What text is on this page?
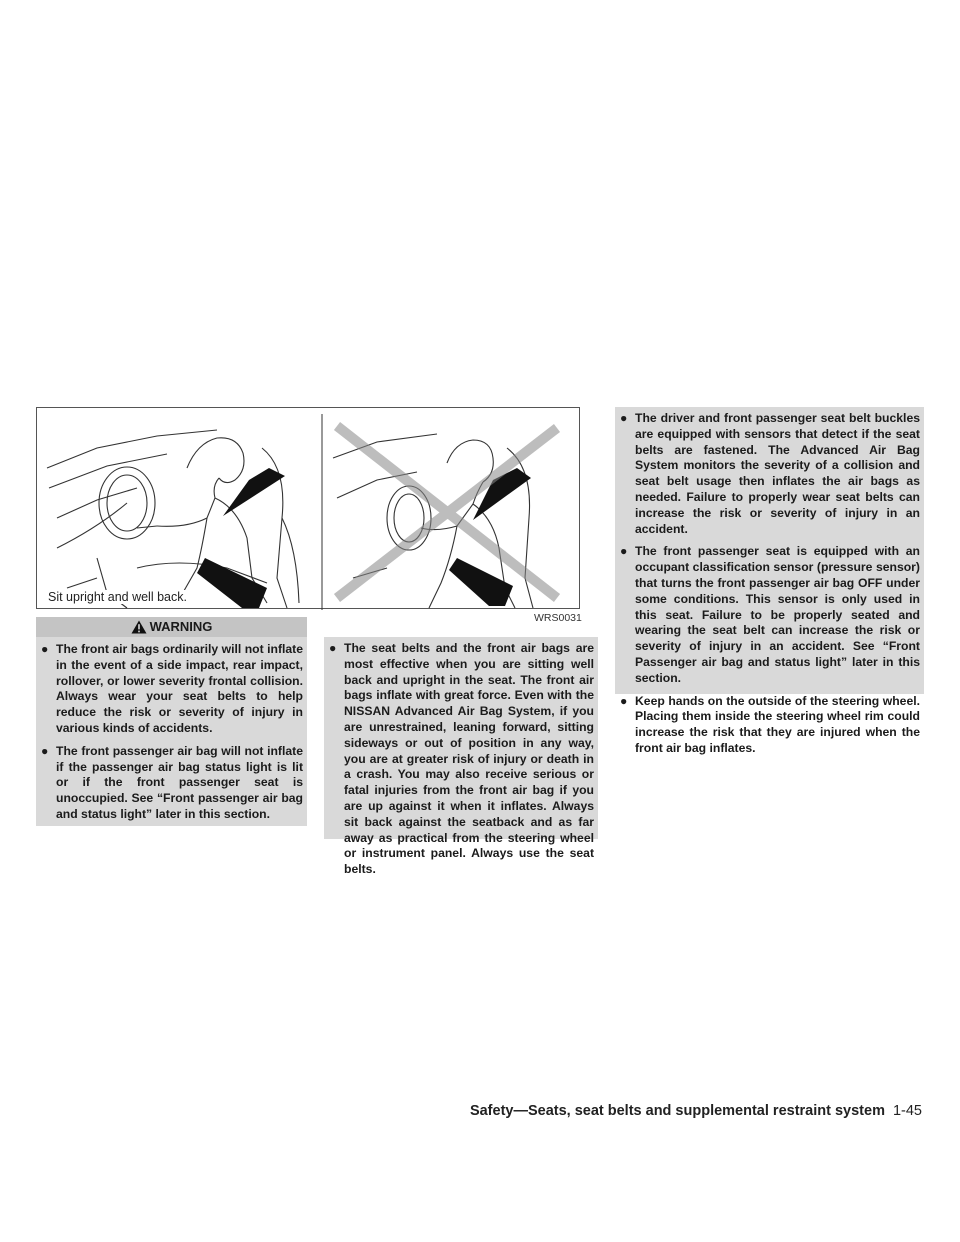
Sit upright and well back.
WRS0031
WARNING
● The front air bags ordinarily will not inflate in the event of a side impact, rear impact, rollover, or lower severity frontal collision. Always wear your seat belts to help reduce the risk or severity of injury in various kinds of accidents.
● The front passenger air bag will not inflate if the passenger air bag status light is lit or if the front passenger seat is unoccupied. See “Front passenger air bag and status light” later in this section.
● The seat belts and the front air bags are most effective when you are sitting well back and upright in the seat. The front air bags inflate with great force. Even with the NISSAN Advanced Air Bag System, if you are unrestrained, leaning forward, sitting sideways or out of position in any way, you are at greater risk of injury or death in a crash. You may also receive serious or fatal injuries from the front air bag if you are up against it when it inflates. Always sit back against the seatback and as far away as practical from the steering wheel or instrument panel. Always use the seat belts.
● The driver and front passenger seat belt buckles are equipped with sensors that detect if the seat belts are fastened. The Advanced Air Bag System monitors the severity of a collision and seat belt usage then inflates the air bags as needed. Failure to properly wear seat belts can increase the risk or severity of injury in an accident.
● The front passenger seat is equipped with an occupant classification sensor (pressure sensor) that turns the front passenger air bag OFF under some conditions. This sensor is only used in this seat. Failure to be properly seated and wearing the seat belt can increase the risk or severity of injury in an accident. See “Front Passenger air bag and status light” later in this section.
● Keep hands on the outside of the steering wheel. Placing them inside the steering wheel rim could increase the risk that they are injured when the front air bag inflates.
Safety—Seats, seat belts and supplemental restraint system 1-45
